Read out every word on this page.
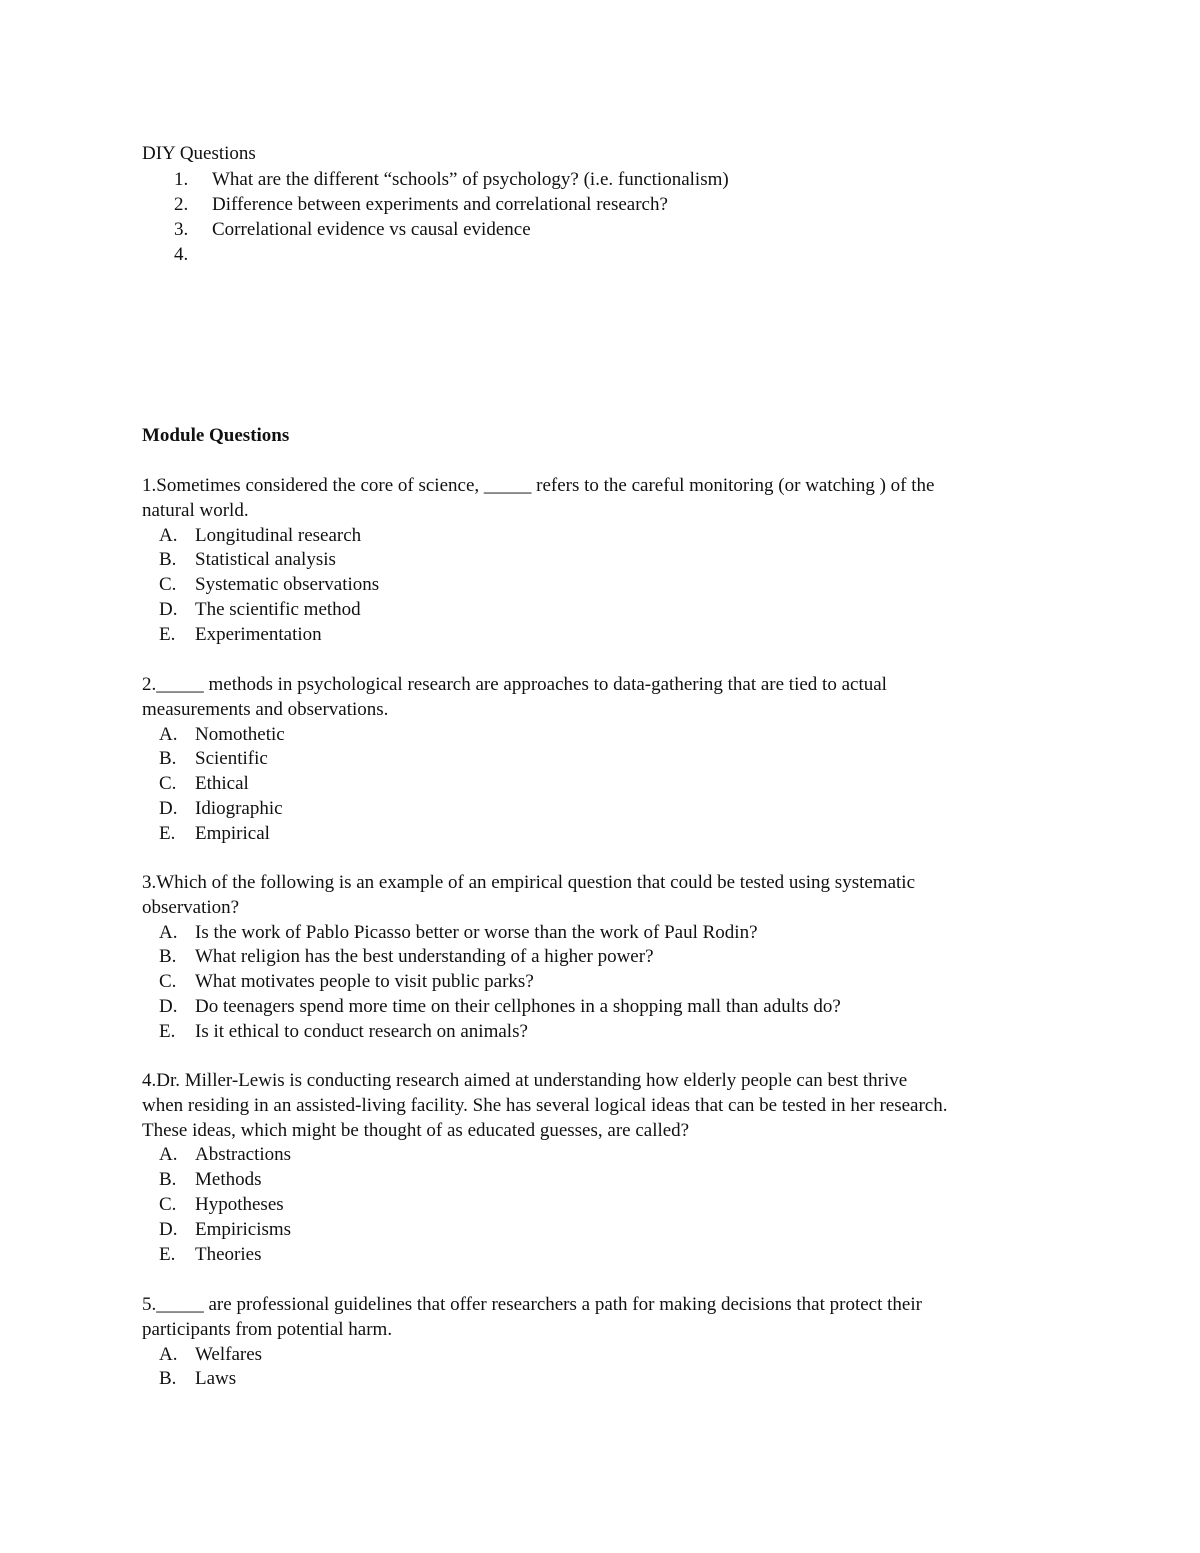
DIY Questions
1. What are the different “schools” of psychology? (i.e. functionalism)
2. Difference between experiments and correlational research?
3. Correlational evidence vs causal evidence
4.
Module Questions
1.Sometimes considered the core of science, _____ refers to the careful monitoring (or watching ) of the
natural world.
A. Longitudinal research
B. Statistical analysis
C. Systematic observations
D. The scientific method
E. Experimentation
2._____ methods in psychological research are approaches to data-gathering that are tied to actual
measurements and observations.
A. Nomothetic
B. Scientific
C. Ethical
D. Idiographic
E. Empirical
3.Which of the following is an example of an empirical question that could be tested using systematic
observation?
A. Is the work of Pablo Picasso better or worse than the work of Paul Rodin?
B. What religion has the best understanding of a higher power?
C. What motivates people to visit public parks?
D. Do teenagers spend more time on their cellphones in a shopping mall than adults do?
E. Is it ethical to conduct research on animals?
4.Dr. Miller-Lewis is conducting research aimed at understanding how elderly people can best thrive
when residing in an assisted-living facility. She has several logical ideas that can be tested in her research.
These ideas, which might be thought of as educated guesses, are called?
A. Abstractions
B. Methods
C. Hypotheses
D. Empiricisms
E. Theories
5._____ are professional guidelines that offer researchers a path for making decisions that protect their
participants from potential harm.
A. Welfares
B. Laws
